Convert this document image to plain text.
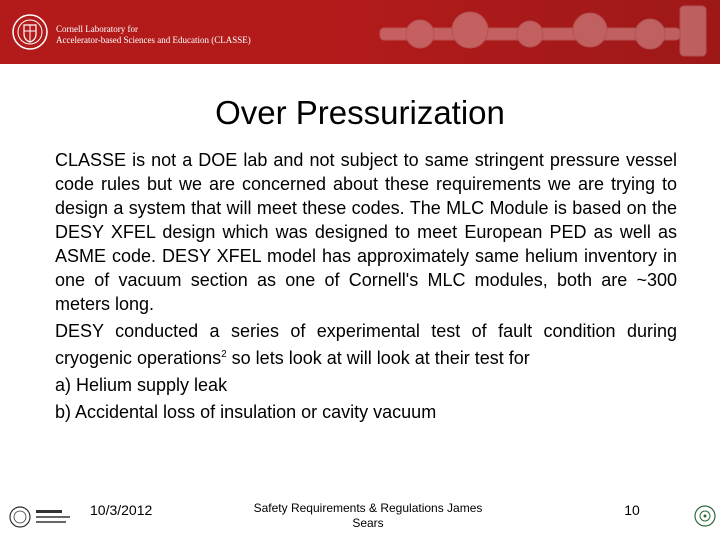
Cornell Laboratory for
Accelerator-based Sciences and Education (CLASSE)
Over Pressurization
CLASSE is not a DOE lab and not subject to same stringent pressure vessel code rules but we are concerned about these requirements we are trying to design a system that will meet these codes. The MLC Module is based on the DESY XFEL design which was designed to meet European PED as well as ASME code. DESY XFEL model has approximately same helium inventory in one of vacuum section as one of Cornell's MLC modules, both are ~300 meters long.
DESY conducted a series of experimental test of fault condition during cryogenic operations$^2$ so lets look at will look at their test for
a) Helium supply leak
b) Accidental loss of insulation or cavity vacuum
10/3/2012	Safety Requirements & Regulations James Sears
10
